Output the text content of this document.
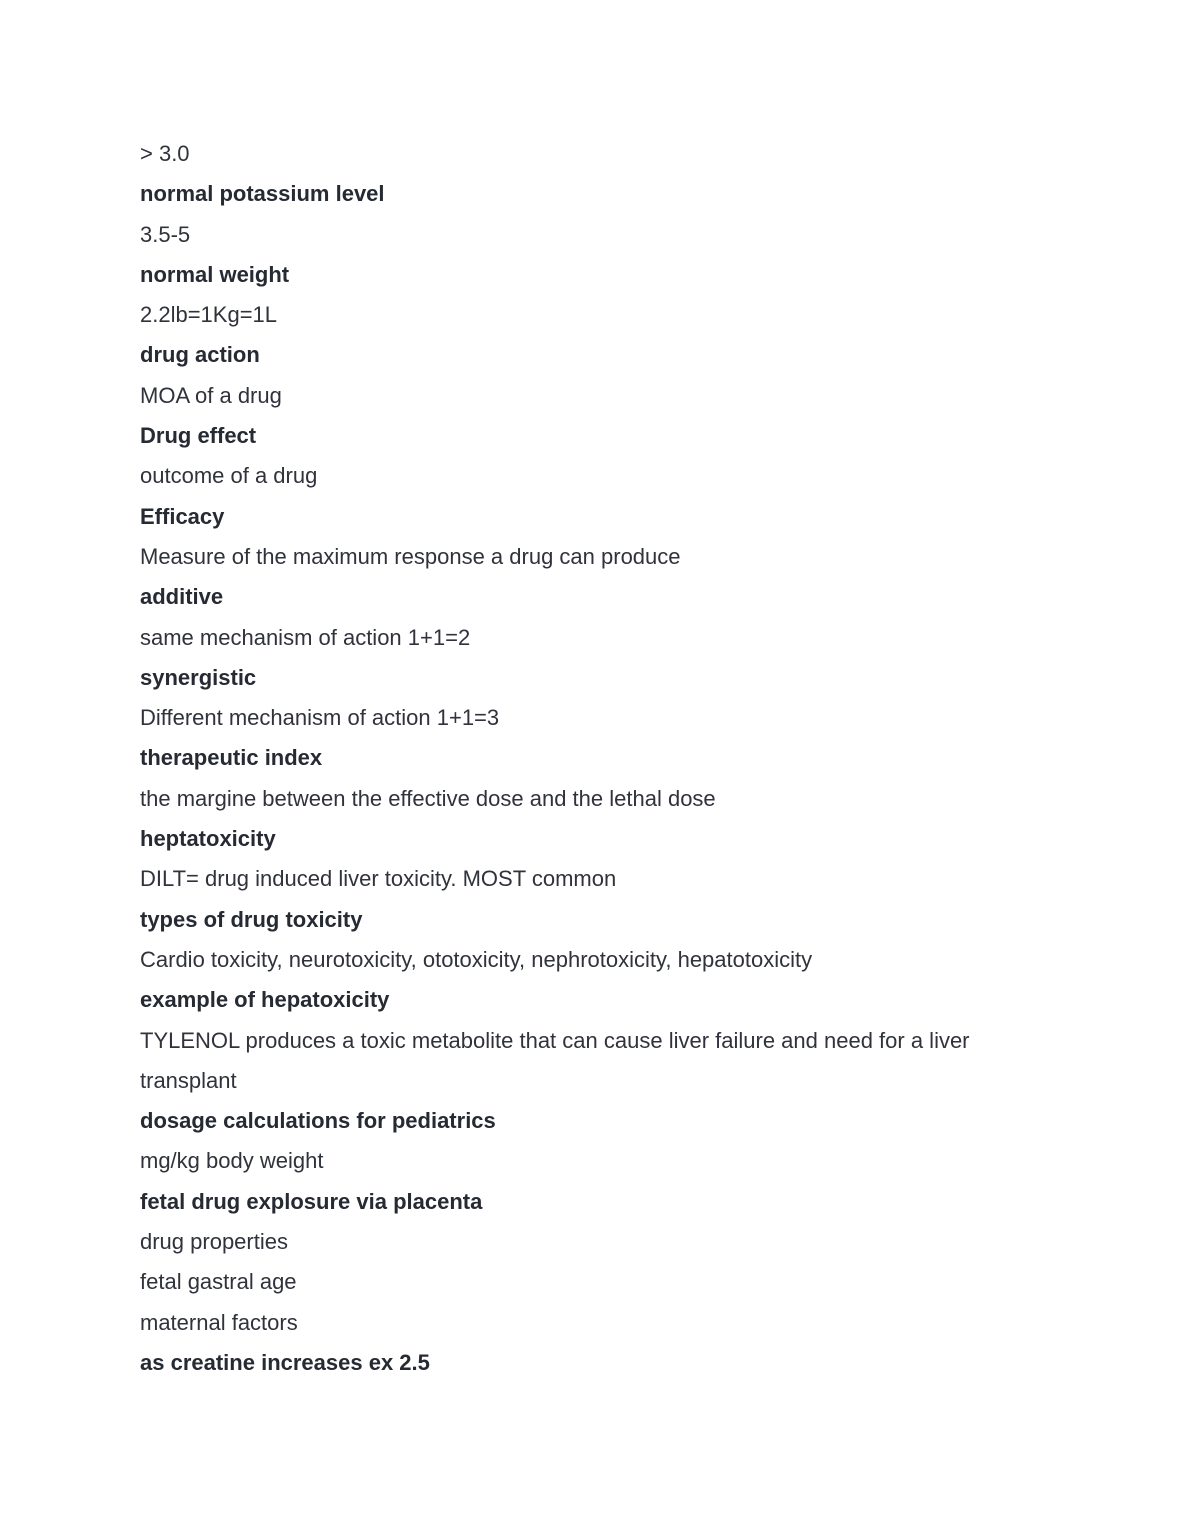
> 3.0
normal potassium level
3.5-5
normal weight
2.2lb=1Kg=1L
drug action
MOA of a drug
Drug effect
outcome of a drug
Efficacy
Measure of the maximum response a drug can produce
additive
same mechanism of action 1+1=2
synergistic
Different mechanism of action 1+1=3
therapeutic index
the margine between the effective dose and the lethal dose
heptatoxicity
DILT= drug induced liver toxicity. MOST common
types of drug toxicity
Cardio toxicity, neurotoxicity, ototoxicity, nephrotoxicity, hepatotoxicity
example of hepatoxicity
TYLENOL produces a toxic metabolite that can cause liver failure and need for a liver
transplant
dosage calculations for pediatrics
mg/kg body weight
fetal drug explosure via placenta
drug properties
fetal gastral age
maternal factors
as creatine increases ex 2.5
